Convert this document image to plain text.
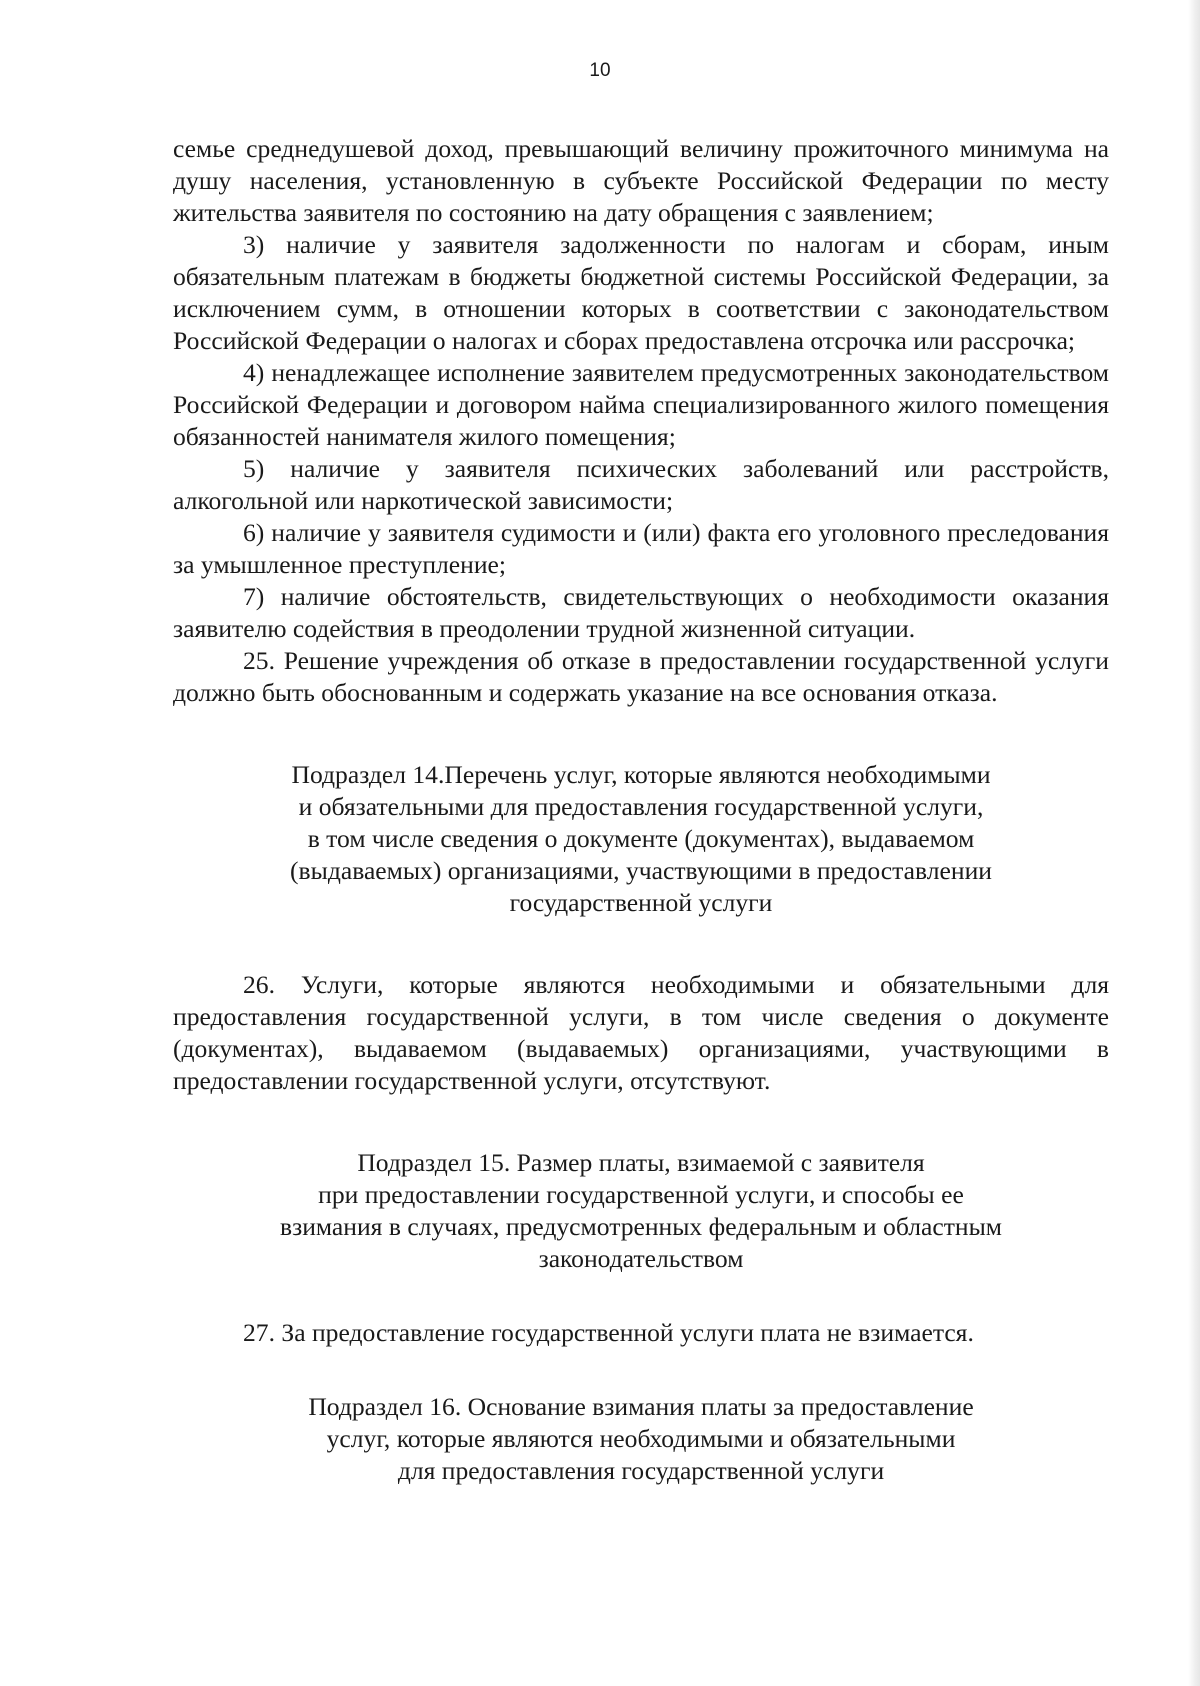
10

семье среднедушевой доход, превышающий величину прожиточного минимума на душу населения, установленную в субъекте Российской Федерации по месту жительства заявителя по состоянию на дату обращения с заявлением;

3) наличие у заявителя задолженности по налогам и сборам, иным обязательным платежам в бюджеты бюджетной системы Российской Федерации, за исключением сумм, в отношении которых в соответствии с законодательством Российской Федерации о налогах и сборах предоставлена отсрочка или рассрочка;

4) ненадлежащее исполнение заявителем предусмотренных законодательством Российской Федерации и договором найма специализированного жилого помещения обязанностей нанимателя жилого помещения;

5) наличие у заявителя психических заболеваний или расстройств, алкогольной или наркотической зависимости;

6) наличие у заявителя судимости и (или) факта его уголовного преследования за умышленное преступление;

7) наличие обстоятельств, свидетельствующих о необходимости оказания заявителю содействия в преодолении трудной жизненной ситуации.

25. Решение учреждения об отказе в предоставлении государственной услуги должно быть обоснованным и содержать указание на все основания отказа.

Подраздел 14.Перечень услуг, которые являются необходимыми
и обязательными для предоставления государственной услуги,
в том числе сведения о документе (документах), выдаваемом
(выдаваемых) организациями, участвующими в предоставлении
государственной услуги

26. Услуги, которые являются необходимыми и обязательными для предоставления государственной услуги, в том числе сведения о документе (документах), выдаваемом (выдаваемых) организациями, участвующими в предоставлении государственной услуги, отсутствуют.

Подраздел 15. Размер платы, взимаемой с заявителя
при предоставлении государственной услуги, и способы ее
взимания в случаях, предусмотренных федеральным и областным
законодательством

27. За предоставление государственной услуги плата не взимается.

Подраздел 16. Основание взимания платы за предоставление
услуг, которые являются необходимыми и обязательными
для предоставления государственной услуги
